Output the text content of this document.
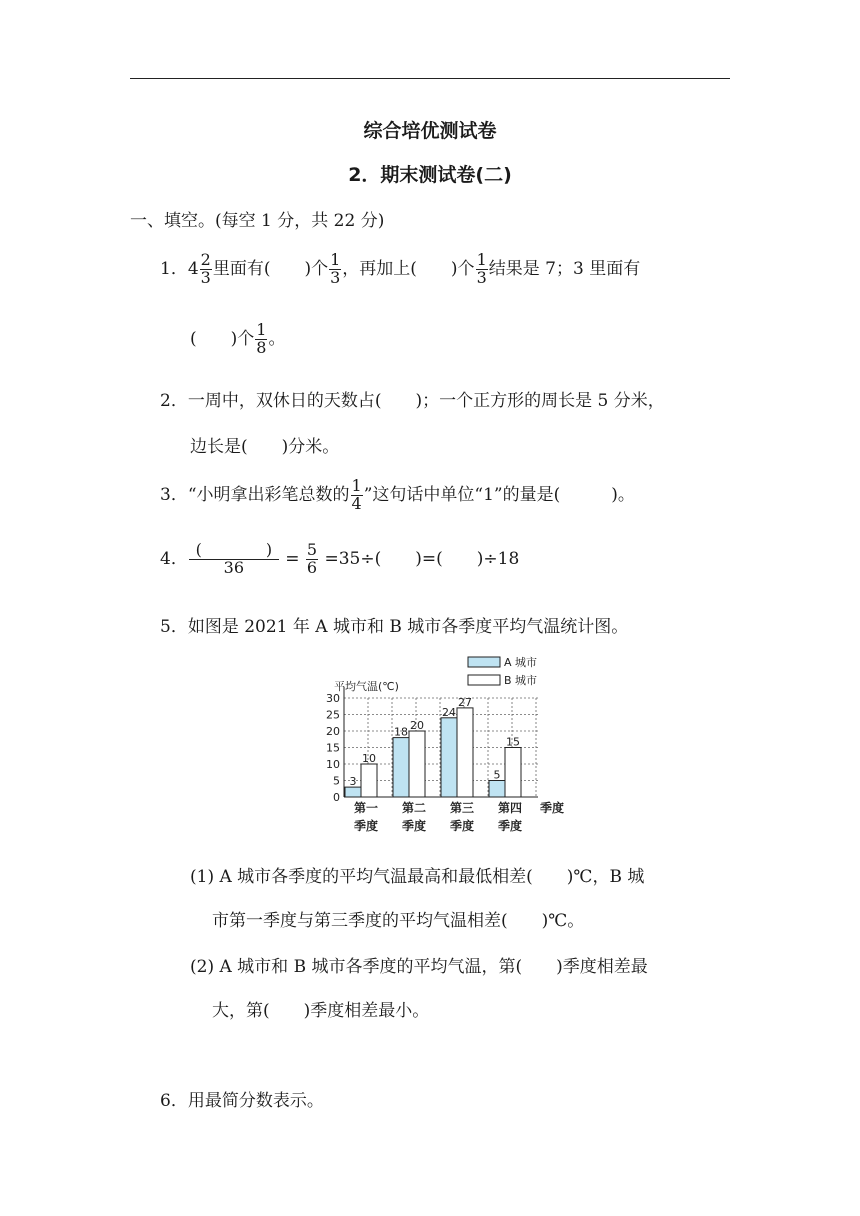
综合培优测试卷
2．期末测试卷(二)
一、填空。(每空 1 分，共 22 分)
1．$4 \frac{2}{3}$ 里面有(　　)个 $\frac{1}{3}$ ，再加上(　　)个 $\frac{1}{3}$ 结果是 7；3 里面有
(　　)个 $\frac{1}{8}$ 。
2．一周中，双休日的天数占(　　)；一个正方形的周长是 5 分米，
边长是(　　)分米。
3．“小明拿出彩笔总数的 $\frac{1}{4}$ ”这句话中单位“1”的量是(　　　)。
4． $\frac{( )}{36} = \frac{5}{6} =35\div$(　　)=(　　)÷18
5．如图是 2021 年 A 城市和 B 城市各季度平均气温统计图。
0
5
10
15
20
25
30
3
10
18
20
24
27
5
15
第一
季度
第二
季度
第三
季度
第四
季度
平均气温(℃)
季度
A 城市
B 城市
(1) A 城市各季度的平均气温最高和最低相差(　　)℃，B 城
市第一季度与第三季度的平均气温相差(　　)℃。
(2) A 城市和 B 城市各季度的平均气温，第(　　)季度相差最
大，第(　　)季度相差最小。
6．用最简分数表示。
